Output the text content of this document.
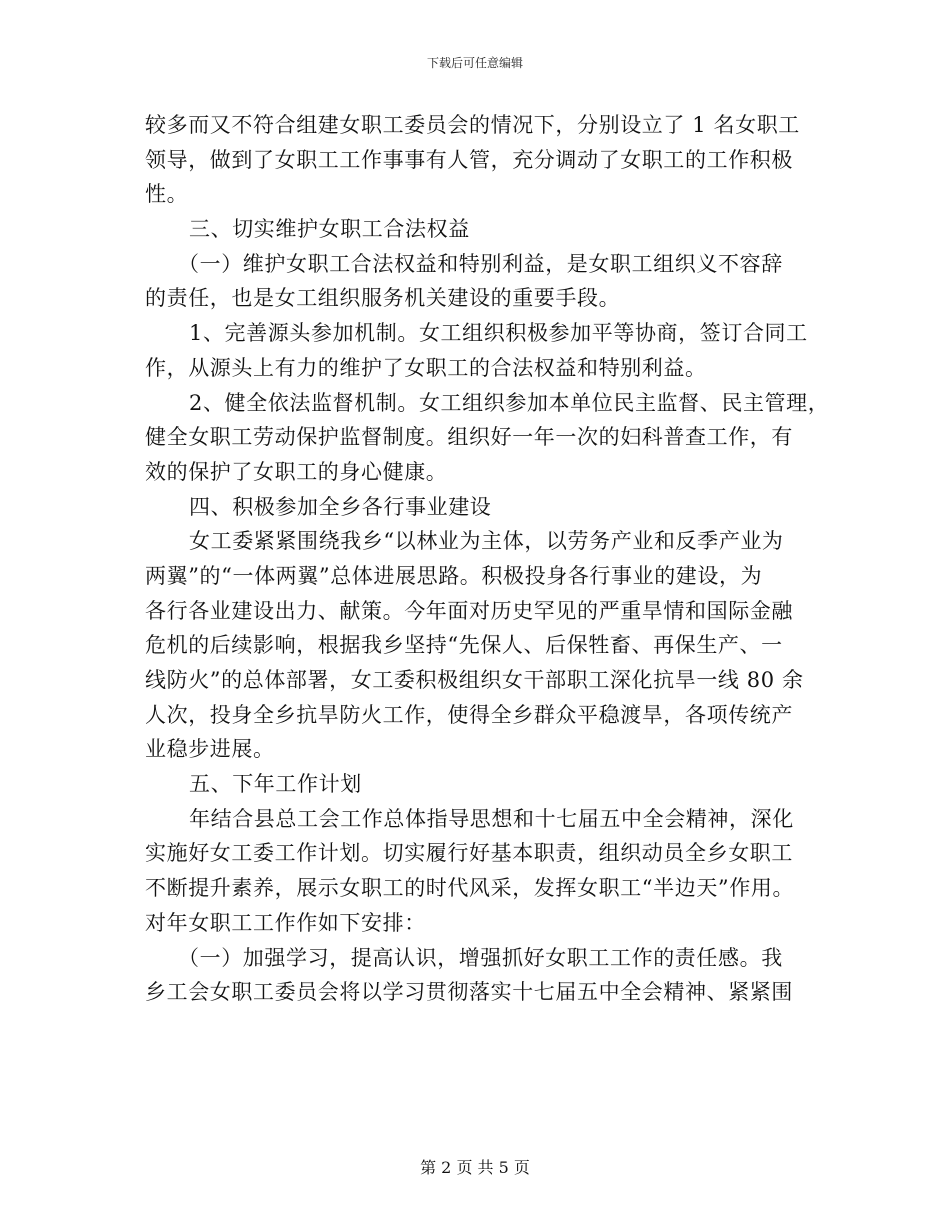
下载后可任意编辑
较多而又不符合组建女职工委员会的情况下，分别设立了 1 名女职工
领导，做到了女职工工作事事有人管，充分调动了女职工的工作积极
性。
三、切实维护女职工合法权益
（一）维护女职工合法权益和特别利益，是女职工组织义不容辞
的责任，也是女工组织服务机关建设的重要手段。
1、完善源头参加机制。女工组织积极参加平等协商，签订合同工
作，从源头上有力的维护了女职工的合法权益和特别利益。
2、健全依法监督机制。女工组织参加本单位民主监督、民主管理，
健全女职工劳动保护监督制度。组织好一年一次的妇科普查工作，有
效的保护了女职工的身心健康。
四、积极参加全乡各行事业建设
女工委紧紧围绕我乡“以林业为主体，以劳务产业和反季产业为
两翼”的“一体两翼”总体进展思路。积极投身各行事业的建设，为
各行各业建设出力、献策。今年面对历史罕见的严重旱情和国际金融
危机的后续影响，根据我乡坚持“先保人、后保牲畜、再保生产、一
线防火”的总体部署，女工委积极组织女干部职工深化抗旱一线 80 余
人次，投身全乡抗旱防火工作，使得全乡群众平稳渡旱，各项传统产
业稳步进展。
五、下年工作计划
年结合县总工会工作总体指导思想和十七届五中全会精神，深化
实施好女工委工作计划。切实履行好基本职责，组织动员全乡女职工
不断提升素养，展示女职工的时代风采，发挥女职工“半边天”作用。
对年女职工工作作如下安排：
（一）加强学习，提高认识，增强抓好女职工工作的责任感。我
乡工会女职工委员会将以学习贯彻落实十七届五中全会精神、紧紧围
第 2 页 共 5 页
